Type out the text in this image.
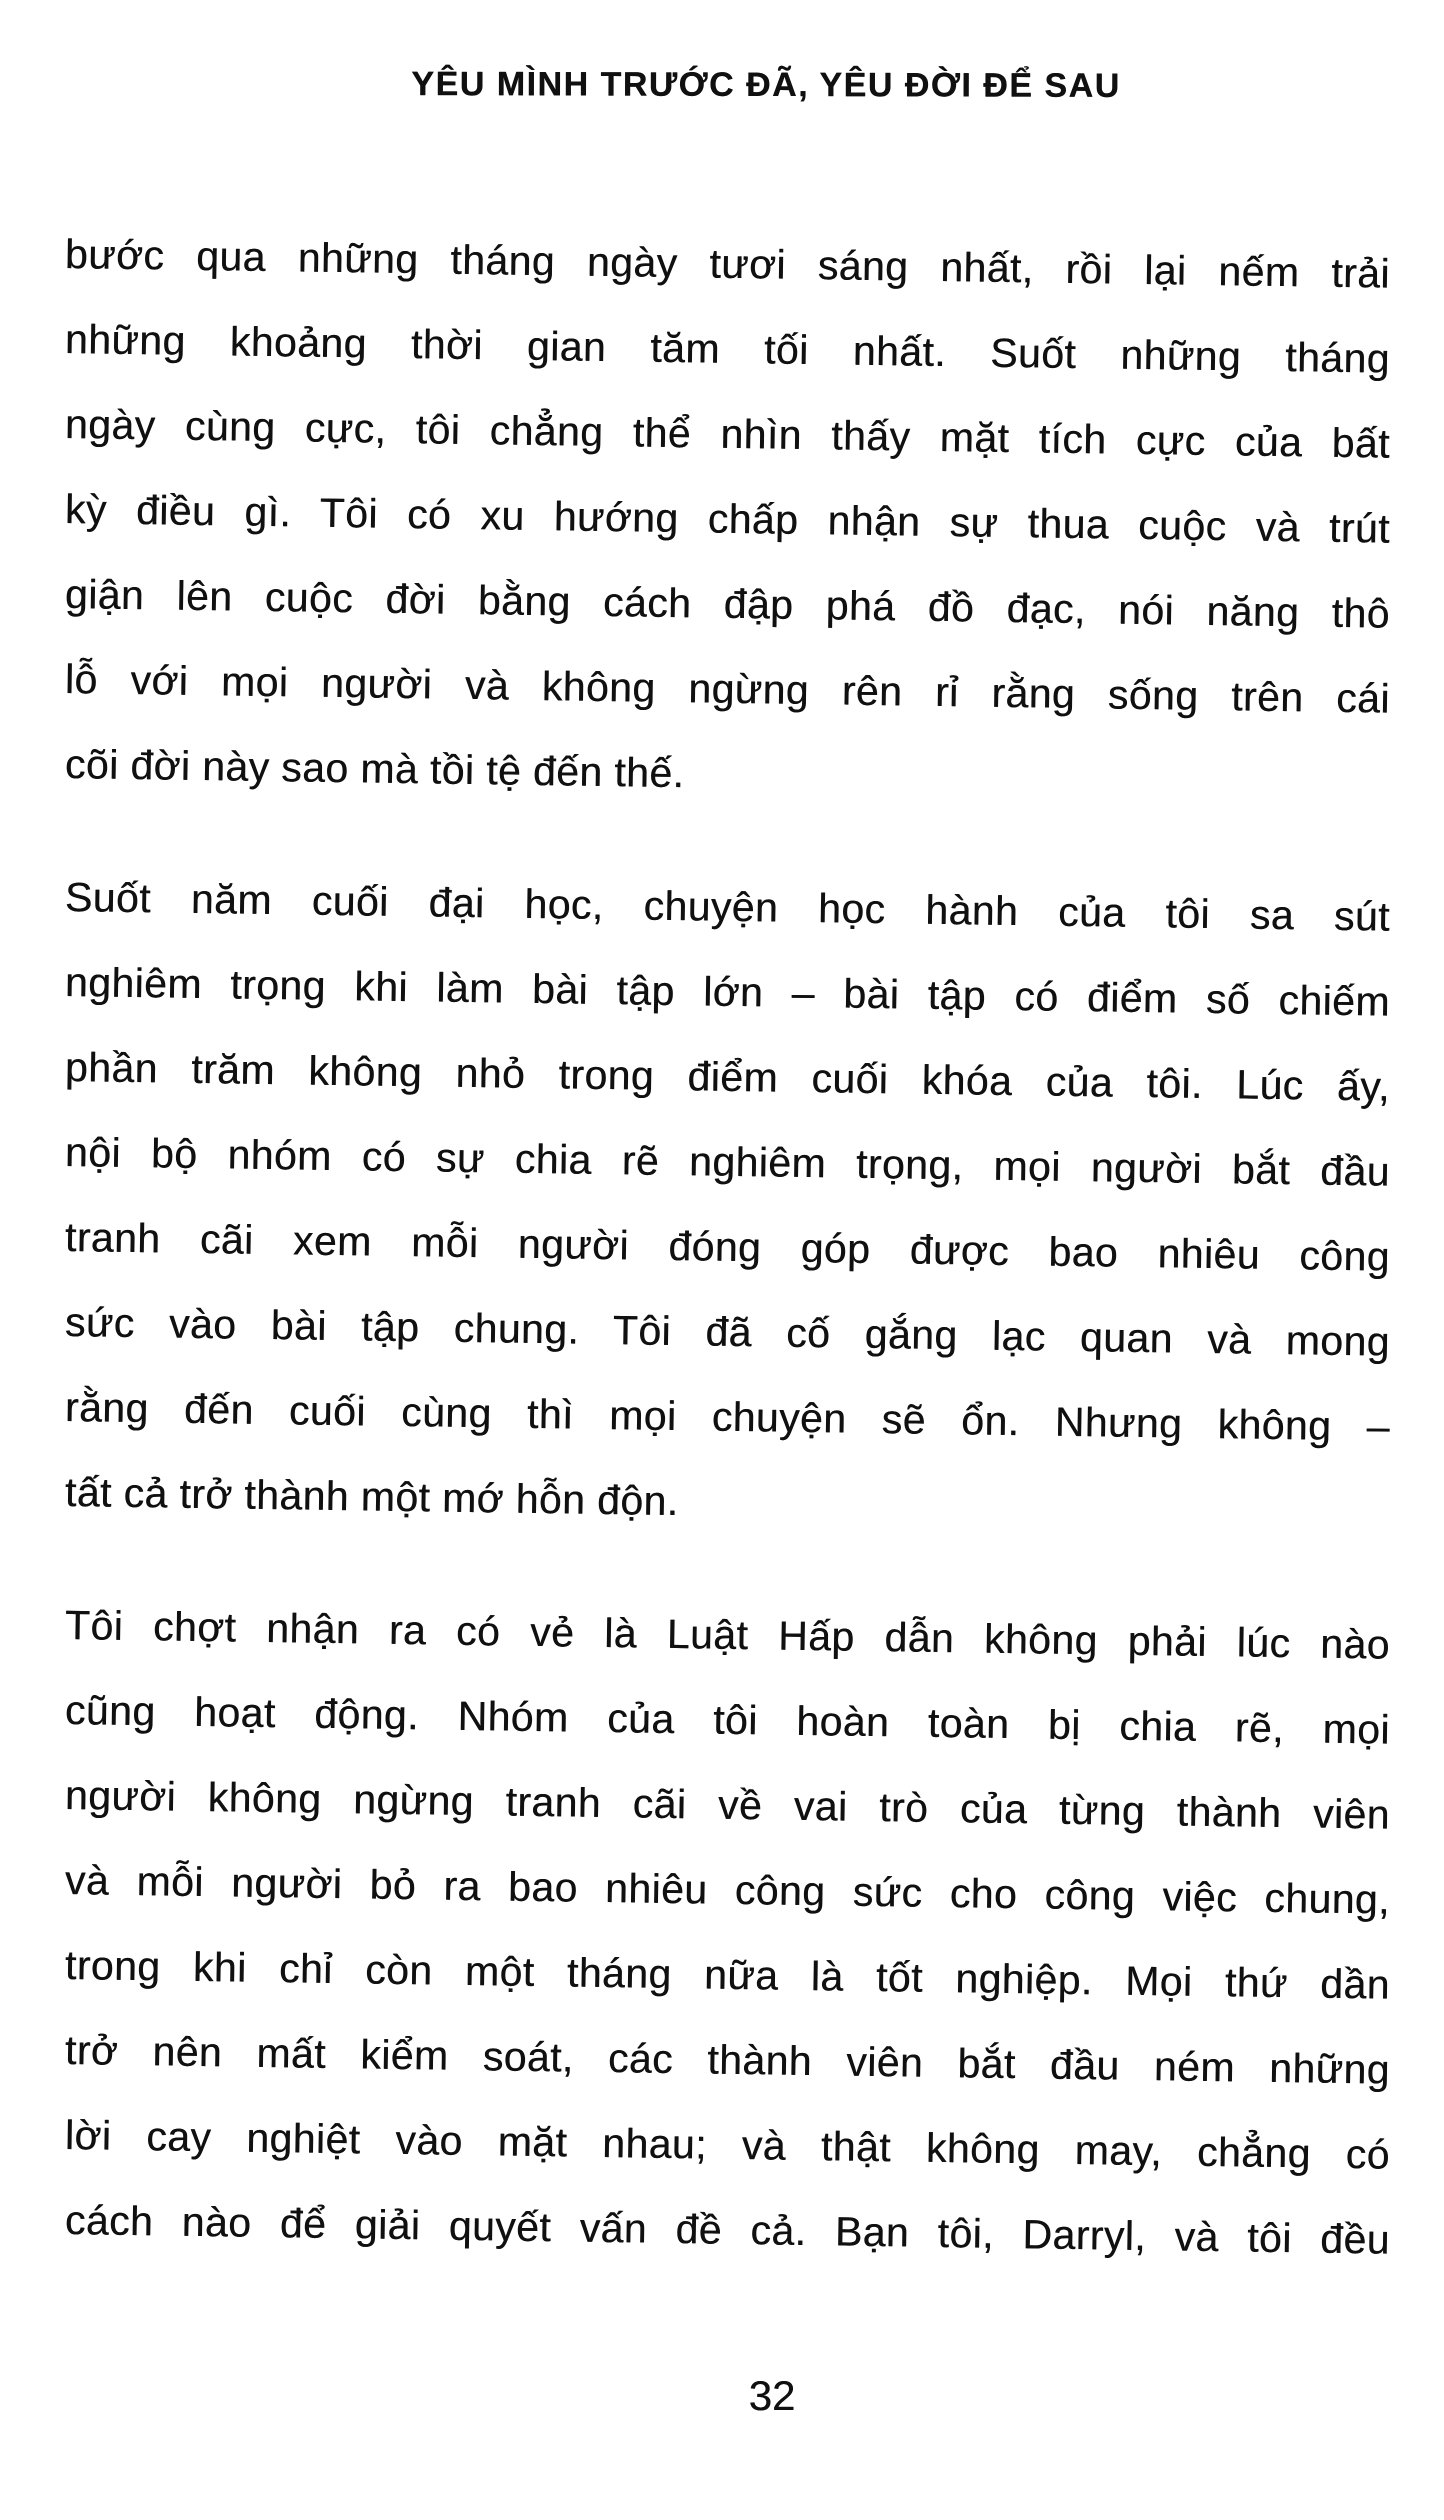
YÊU MÌNH TRƯỚC ĐÃ, YÊU ĐỜI ĐỂ SAU
bước qua những tháng ngày tươi sáng nhất, rồi lại nếm trải
những khoảng thời gian tăm tối nhất. Suốt những tháng
ngày cùng cực, tôi chẳng thể nhìn thấy mặt tích cực của bất
kỳ điều gì. Tôi có xu hướng chấp nhận sự thua cuộc và trút
giận lên cuộc đời bằng cách đập phá đồ đạc, nói năng thô
lỗ với mọi người và không ngừng rên rỉ rằng sống trên cái
cõi đời này sao mà tồi tệ đến thế.
Suốt năm cuối đại học, chuyện học hành của tôi sa sút
nghiêm trọng khi làm bài tập lớn – bài tập có điểm số chiếm
phần trăm không nhỏ trong điểm cuối khóa của tôi. Lúc ấy,
nội bộ nhóm có sự chia rẽ nghiêm trọng, mọi người bắt đầu
tranh cãi xem mỗi người đóng góp được bao nhiêu công
sức vào bài tập chung. Tôi đã cố gắng lạc quan và mong
rằng đến cuối cùng thì mọi chuyện sẽ ổn. Nhưng không –
tất cả trở thành một mớ hỗn độn.
Tôi chợt nhận ra có vẻ là Luật Hấp dẫn không phải lúc nào
cũng hoạt động. Nhóm của tôi hoàn toàn bị chia rẽ, mọi
người không ngừng tranh cãi về vai trò của từng thành viên
và mỗi người bỏ ra bao nhiêu công sức cho công việc chung,
trong khi chỉ còn một tháng nữa là tốt nghiệp. Mọi thứ dần
trở nên mất kiểm soát, các thành viên bắt đầu ném những
lời cay nghiệt vào mặt nhau; và thật không may, chẳng có
cách nào để giải quyết vấn đề cả. Bạn tôi, Darryl, và tôi đều
32
